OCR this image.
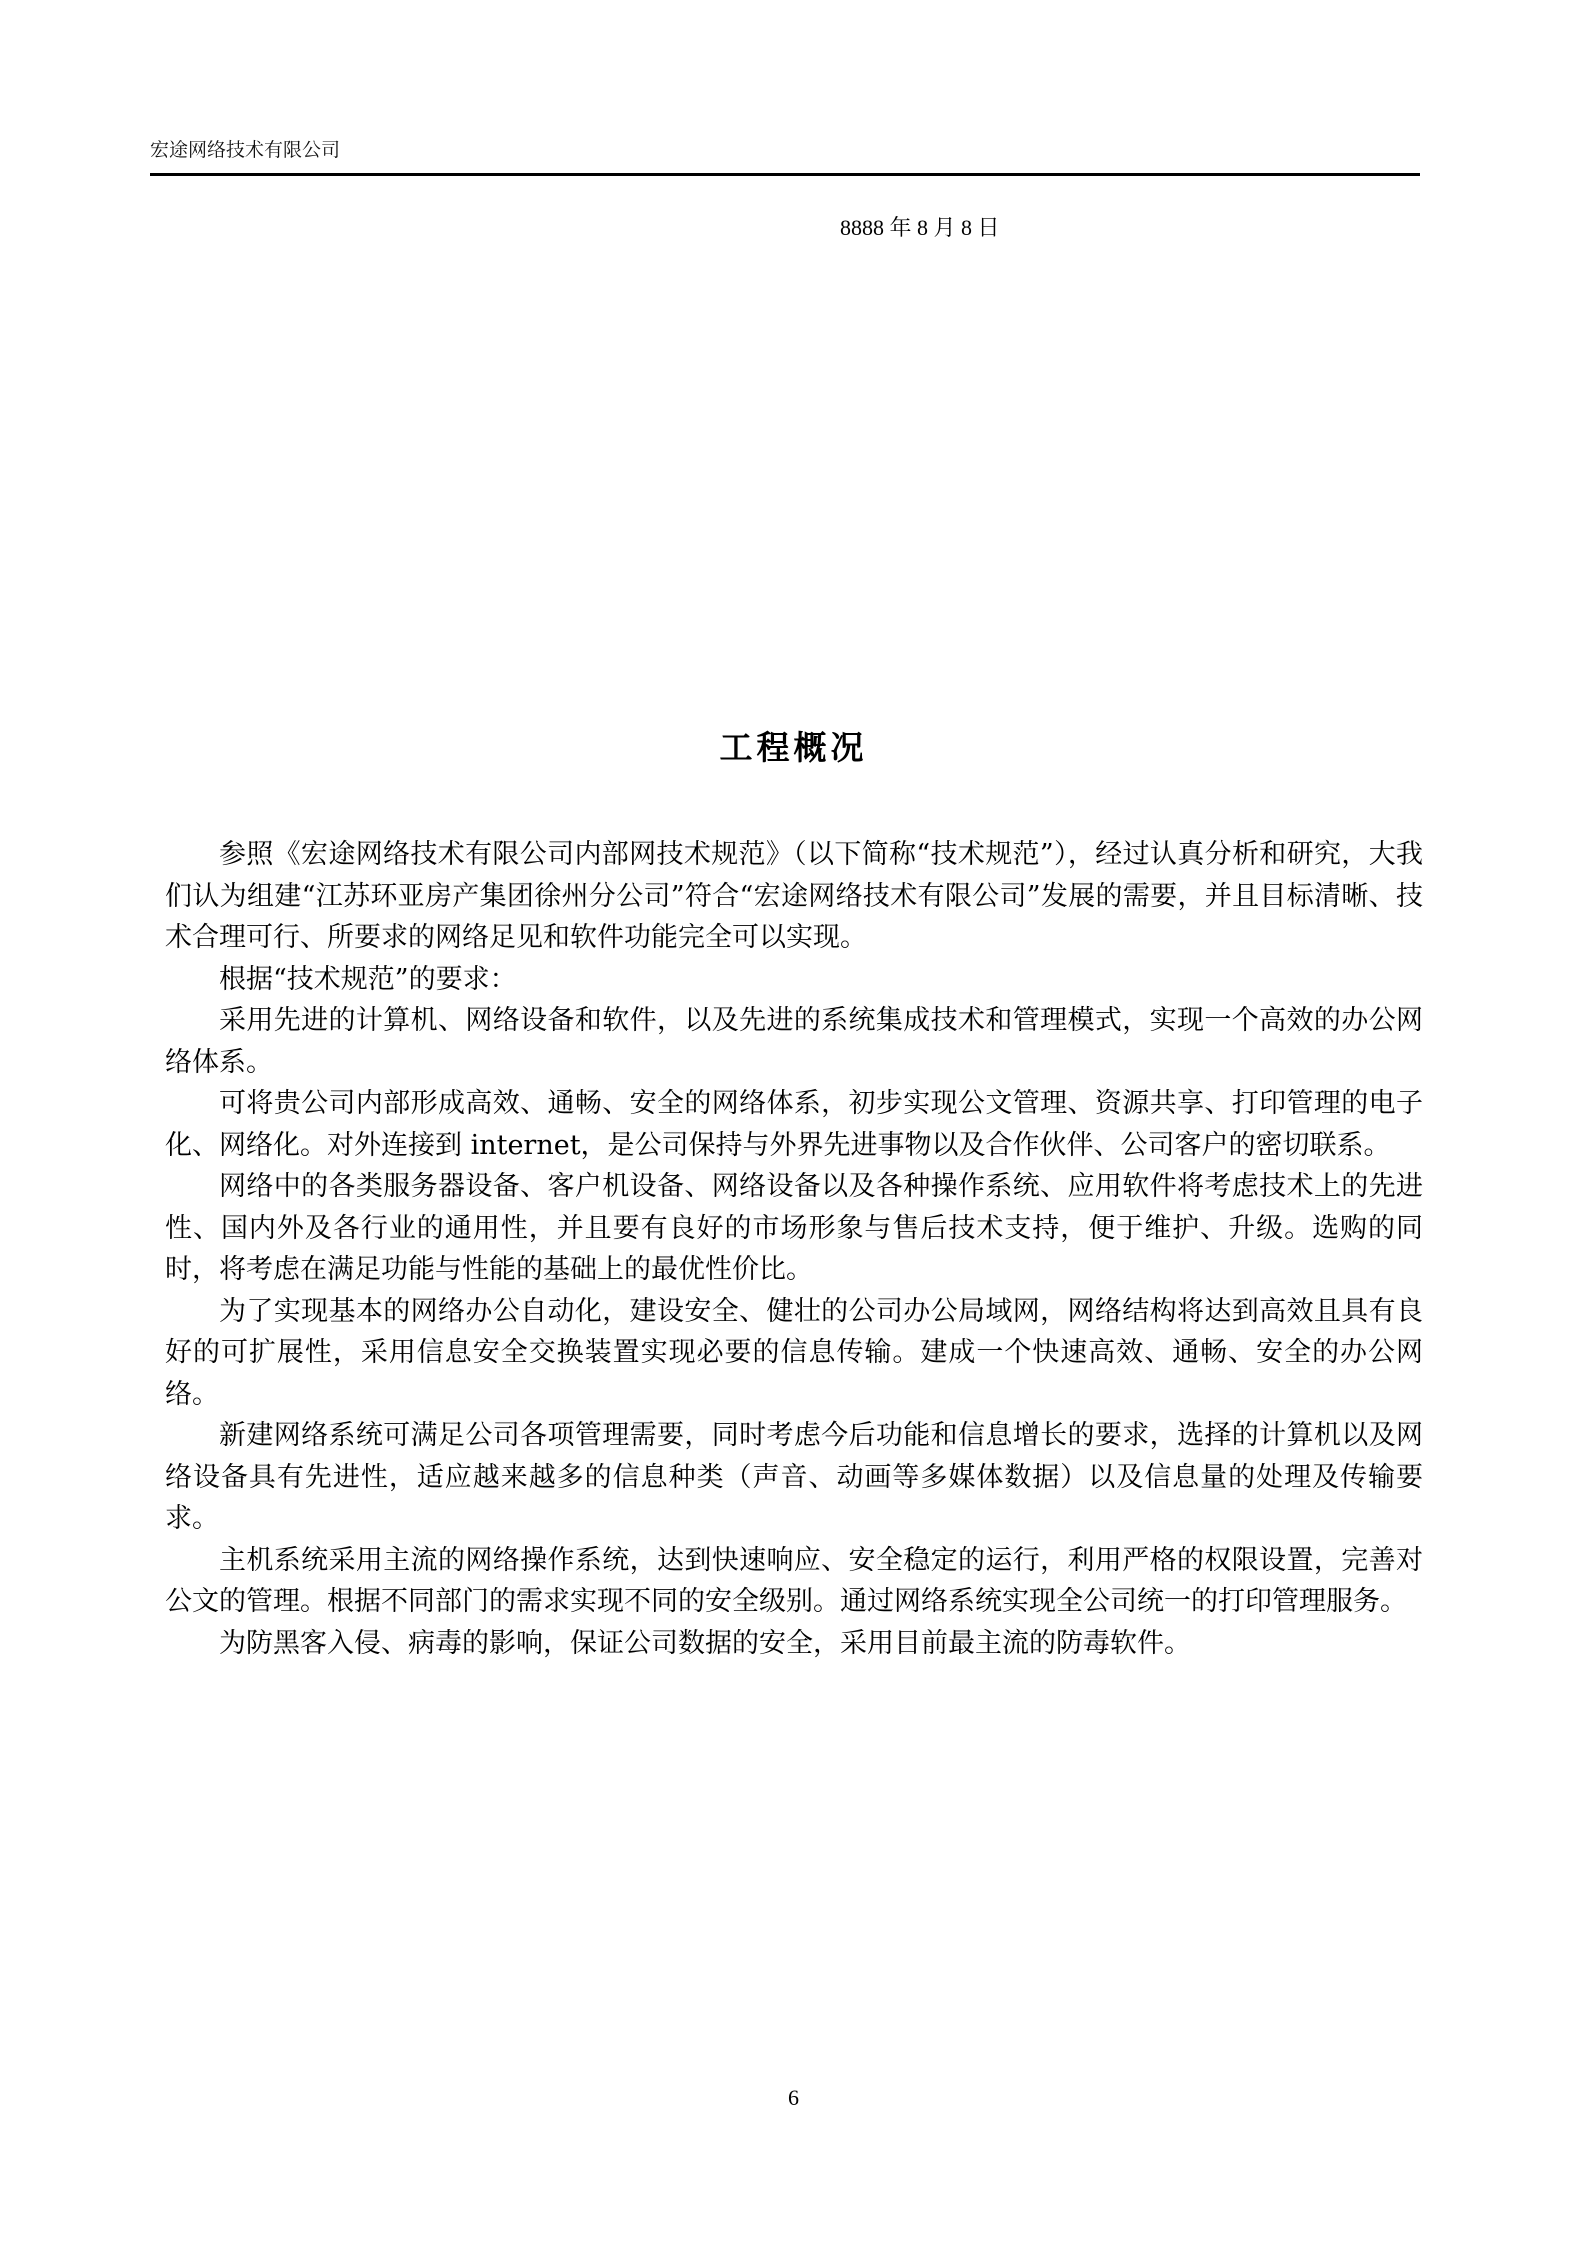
宏途网络技术有限公司
8888 年 8 月 8 日
工程概况

参照《宏途网络技术有限公司内部网技术规范》（以下简称“技术规范”），经过认真分析和研究，大我们认为组建“江苏环亚房产集团徐州分公司”符合“宏途网络技术有限公司”发展的需要，并且目标清晰、技术合理可行、所要求的网络足见和软件功能完全可以实现。

根据“技术规范”的要求：

采用先进的计算机、网络设备和软件，以及先进的系统集成技术和管理模式，实现一个高效的办公网络体系。

可将贵公司内部形成高效、通畅、安全的网络体系，初步实现公文管理、资源共享、打印管理的电子化、网络化。对外连接到 internet，是公司保持与外界先进事物以及合作伙伴、公司客户的密切联系。

网络中的各类服务器设备、客户机设备、网络设备以及各种操作系统、应用软件将考虑技术上的先进性、国内外及各行业的通用性，并且要有良好的市场形象与售后技术支持，便于维护、升级。选购的同时，将考虑在满足功能与性能的基础上的最优性价比。

为了实现基本的网络办公自动化，建设安全、健壮的公司办公局域网，网络结构将达到高效且具有良好的可扩展性，采用信息安全交换装置实现必要的信息传输。建成一个快速高效、通畅、安全的办公网络。

新建网络系统可满足公司各项管理需要，同时考虑今后功能和信息增长的要求，选择的计算机以及网络设备具有先进性，适应越来越多的信息种类（声音、动画等多媒体数据）以及信息量的处理及传输要求。

主机系统采用主流的网络操作系统，达到快速响应、安全稳定的运行，利用严格的权限设置，完善对公文的管理。根据不同部门的需求实现不同的安全级别。通过网络系统实现全公司统一的打印管理服务。

为防黑客入侵、病毒的影响，保证公司数据的安全，采用目前最主流的防毒软件。

6
